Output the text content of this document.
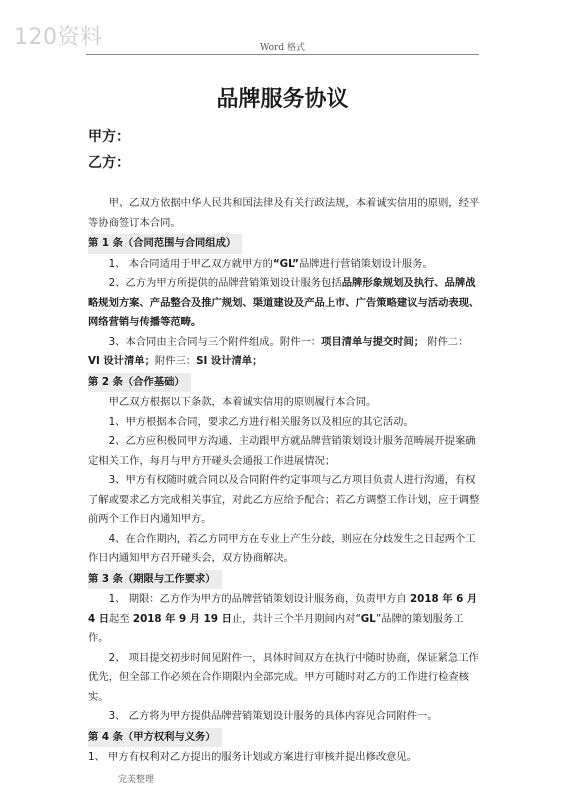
120资料	Word 格式
品牌服务协议
甲方：
乙方：

甲、乙双方依据中华人民共和国法律及有关行政法规，本着诚实信用的原则，经平等协商签订本合同。

第 1 条（合同范围与合同组成）

1、 本合同适用于甲乙双方就甲方的“GL”品牌进行营销策划设计服务。

2、乙方为甲方所提供的品牌营销策划设计服务包括品牌形象规划及执行、品牌战略规划方案、产品整合及推广规划、渠道建设及产品上市、广告策略建议与活动表现、网络营销与传播等范畴。

3、本合同由主合同与三个附件组成。附件一：项目清单与提交时间； 附件二：VI 设计清单；附件三：SI 设计清单；

第 2 条（合作基础）

甲乙双方根据以下条款，本着诚实信用的原则履行本合同。

1、甲方根据本合同，要求乙方进行相关服务以及相应的其它活动。

2、乙方应积极同甲方沟通、主动跟甲方就品牌营销策划设计服务范畴展开提案确定相关工作，每月与甲方开碰头会通报工作进展情况；

3、甲方有权随时就合同以及合同附件约定事项与乙方项目负责人进行沟通，有权了解或要求乙方完成相关事宜，对此乙方应给予配合；若乙方调整工作计划，应于调整前两个工作日内通知甲方。

4、在合作期内，若乙方同甲方在专业上产生分歧，则应在分歧发生之日起两个工作日内通知甲方召开碰头会，双方协商解决。

第 3 条（期限与工作要求）

1、 期限：乙方作为甲方的品牌营销策划设计服务商，负责甲方自 2018 年 6 月 4 日起至 2018 年 9 月 19 日止，共计三个半月期间内对“GL”品牌的策划服务工作。

2、 项目提交初步时间见附件一，具体时间双方在执行中随时协商，保证紧急工作优先，但全部工作必须在合作期限内全部完成。甲方可随时对乙方的工作进行检查核实。

3、 乙方将为甲方提供品牌营销策划设计服务的具体内容见合同附件一。

第 4 条（甲方权利与义务）

1、 甲方有权利对乙方提出的服务计划或方案进行审核并提出修改意见。

完美整理
